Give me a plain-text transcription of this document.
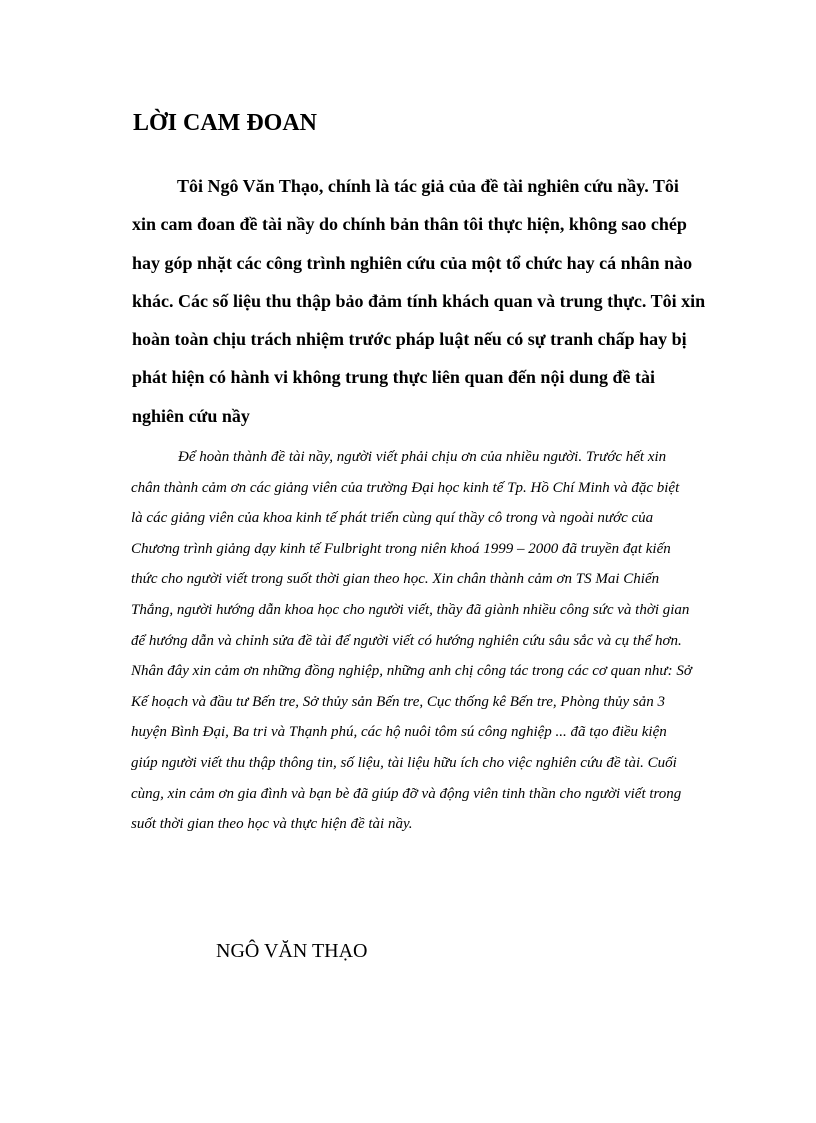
LỜI CAM ĐOAN
Tôi Ngô Văn Thạo, chính là tác giả của đề tài nghiên cứu nầy. Tôi
xin cam đoan đề tài nầy do chính bản thân tôi thực hiện, không sao chép
hay góp nhặt các công trình nghiên cứu của một tổ chức hay cá nhân nào
khác. Các số liệu thu thập bảo đảm tính khách quan và trung thực. Tôi xin
hoàn toàn chịu trách nhiệm trước pháp luật nếu có sự tranh chấp hay bị
phát hiện có hành vi không trung thực liên quan đến nội dung đề tài
nghiên cứu nầy
Để hoàn thành đề tài nầy, người viết phải chịu ơn của nhiều người. Trước hết xin
chân thành cảm ơn các giảng viên của trường Đại học kinh tế Tp. Hồ Chí Minh và đặc biệt
là các giảng viên của khoa kinh tế phát triển cùng quí thầy cô trong và ngoài nước của
Chương trình giảng dạy kinh tế Fulbright trong niên khoá 1999 – 2000 đã truyền đạt kiến
thức cho người viết trong suốt thời gian theo học. Xin chân thành cảm ơn TS Mai Chiến
Thắng, người hướng dẫn khoa học cho người viết, thầy đã giành nhiều công sức và thời gian
để hướng dẫn và chỉnh sửa đề tài để người viết có hướng nghiên cứu sâu sắc và cụ thể hơn.
Nhân đây xin cảm ơn những đồng nghiệp, những anh chị công tác trong các cơ quan như: Sở
Kế hoạch và đầu tư Bến tre, Sở thủy sản Bến tre, Cục thống kê Bến tre, Phòng thủy sản 3
huyện Bình Đại, Ba tri và Thạnh phú, các hộ nuôi tôm sú công nghiệp ... đã tạo điều kiện
giúp người viết thu thập thông tin, số liệu, tài liệu hữu ích cho việc nghiên cứu đề tài. Cuối
cùng, xin cảm ơn gia đình và bạn bè đã giúp đỡ và động viên tinh thần cho người viết trong
suốt thời gian theo học và thực hiện đề tài nầy.

NGÔ VĂN THẠO
